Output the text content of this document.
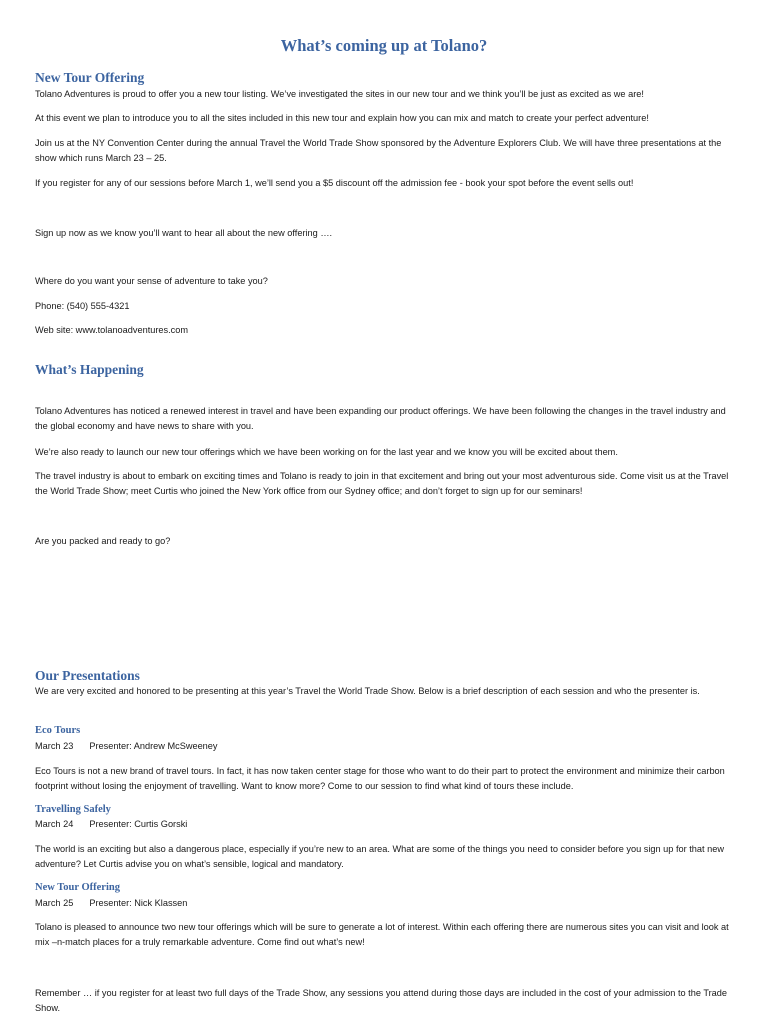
What’s coming up at Tolano?
New Tour Offering

Tolano Adventures is proud to offer you a new tour listing. We’ve investigated the sites in our new tour and we think you’ll be just as excited as we are!

At this event we plan to introduce you to all the sites included in this new tour and explain how you can mix and match to create your perfect adventure!

Join us at the NY Convention Center during the annual Travel the World Trade Show sponsored by the Adventure Explorers Club. We will have three presentations at the show which runs March 23 – 25.

If you register for any of our sessions before March 1, we’ll send you a $5 discount off the admission fee - book your spot before the event sells out!

Sign up now as we know you’ll want to hear all about the new offering ….

Where do you want your sense of adventure to take you?

Phone: (540) 555-4321

Web site: www.tolanoadventures.com

What’s Happening

Tolano Adventures has noticed a renewed interest in travel and have been expanding our product offerings. We have been following the changes in the travel industry and the global economy and have news to share with you.

We’re also ready to launch our new tour offerings which we have been working on for the last year and we know you will be excited about them.

The travel industry is about to embark on exciting times and Tolano is ready to join in that excitement and bring out your most adventurous side. Come visit us at the Travel the World Trade Show; meet Curtis who joined the New York office from our Sydney office; and don’t forget to sign up for our seminars!

Are you packed and ready to go?

Our Presentations

We are very excited and honored to be presenting at this year’s Travel the World Trade Show. Below is a brief description of each session and who the presenter is.

Eco Tours
March 23 Presenter: Andrew McSweeney

Eco Tours is not a new brand of travel tours. In fact, it has now taken center stage for those who want to do their part to protect the environment and minimize their carbon footprint without losing the enjoyment of travelling. Want to know more? Come to our session to find what kind of tours these include.

Travelling Safely
March 24 Presenter: Curtis Gorski

The world is an exciting but also a dangerous place, especially if you’re new to an area. What are some of the things you need to consider before you sign up for that new adventure? Let Curtis advise you on what’s sensible, logical and mandatory.

New Tour Offering
March 25 Presenter: Nick Klassen

Tolano is pleased to announce two new tour offerings which will be sure to generate a lot of interest. Within each offering there are numerous sites you can visit and look at mix –n-match places for a truly remarkable adventure. Come find out what’s new!

Remember … if you register for at least two full days of the Trade Show, any sessions you attend during those days are included in the cost of your admission to the Trade Show.
